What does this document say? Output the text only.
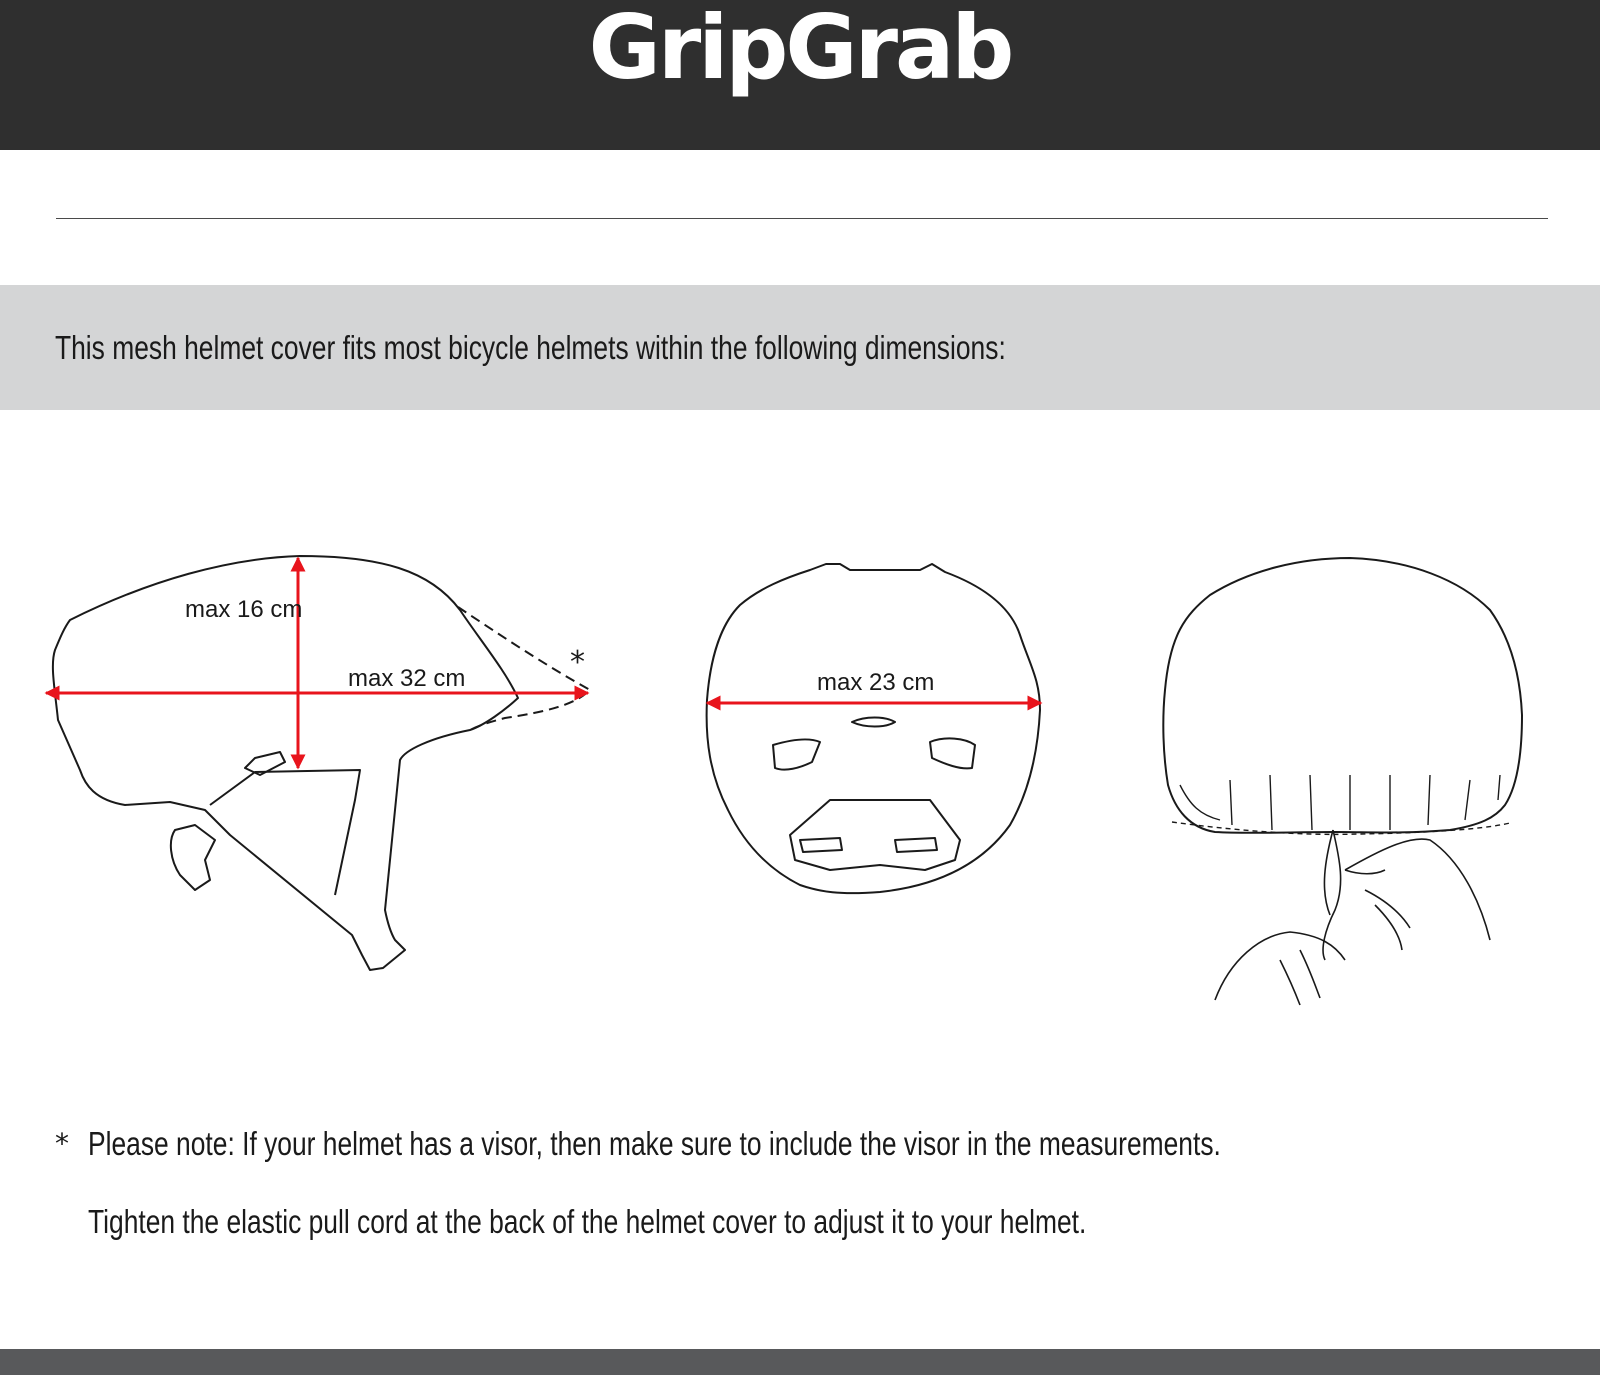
GripGrab
This mesh helmet cover fits most bicycle helmets within the following dimensions:
max 16 cm
max 32 cm	*
max 23 cm
* Please note: If your helmet has a visor, then make sure to include the visor in the measurements.
Tighten the elastic pull cord at the back of the helmet cover to adjust it to your helmet.
